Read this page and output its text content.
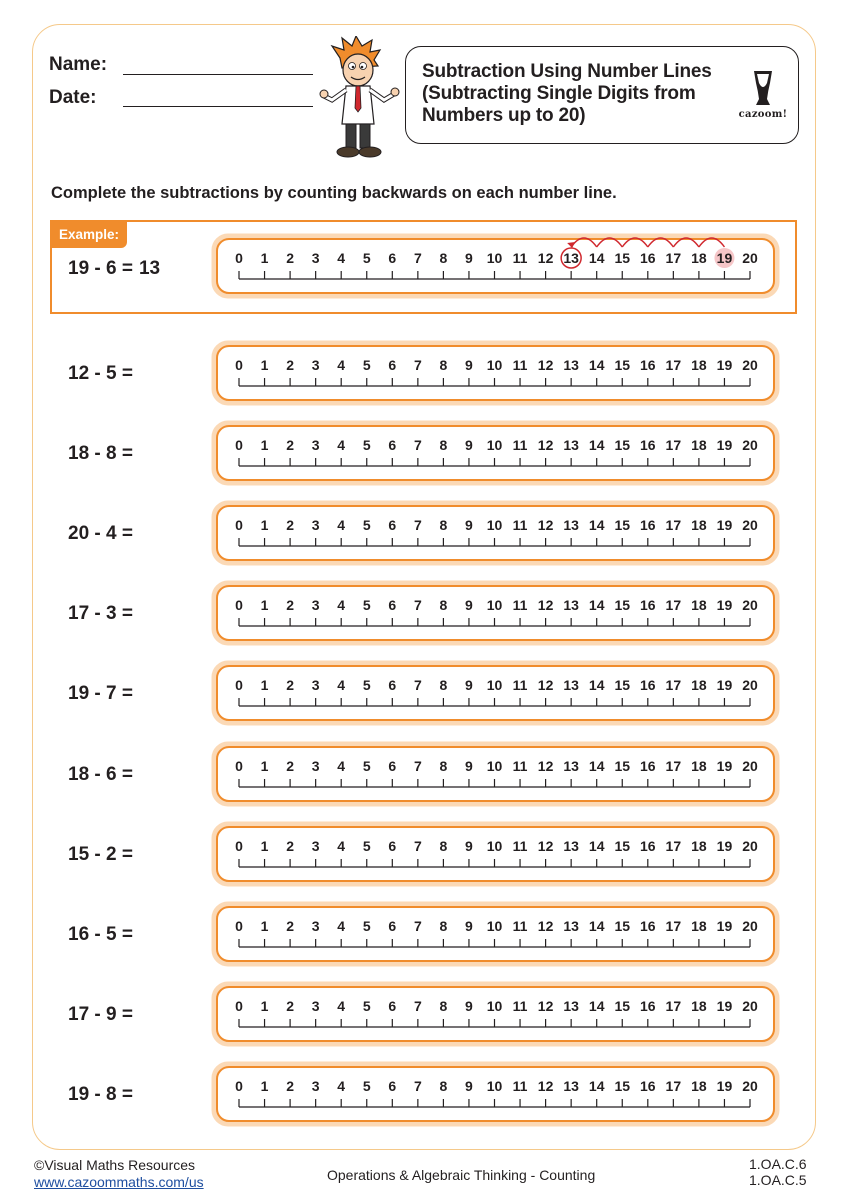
Name:
Date:
Subtraction Using Number Lines (Subtracting Single Digits from Numbers up to 20)	cazoom!
Complete the subtractions by counting backwards on each number line.
Example:
19 - 6 = 13	0 1 2 3 4 5 6 7 8 9 10 11 12 13 14 15 16 17 18 19 20
12 - 5 =	0 1 2 3 4 5 6 7 8 9 10 11 12 13 14 15 16 17 18 19 20
18 - 8 =	0 1 2 3 4 5 6 7 8 9 10 11 12 13 14 15 16 17 18 19 20
20 - 4 =	0 1 2 3 4 5 6 7 8 9 10 11 12 13 14 15 16 17 18 19 20
17 - 3 =	0 1 2 3 4 5 6 7 8 9 10 11 12 13 14 15 16 17 18 19 20
19 - 7 =	0 1 2 3 4 5 6 7 8 9 10 11 12 13 14 15 16 17 18 19 20
18 - 6 =	0 1 2 3 4 5 6 7 8 9 10 11 12 13 14 15 16 17 18 19 20
15 - 2 =	0 1 2 3 4 5 6 7 8 9 10 11 12 13 14 15 16 17 18 19 20
16 - 5 =	0 1 2 3 4 5 6 7 8 9 10 11 12 13 14 15 16 17 18 19 20
17 - 9 =	0 1 2 3 4 5 6 7 8 9 10 11 12 13 14 15 16 17 18 19 20
19 - 8 =	0 1 2 3 4 5 6 7 8 9 10 11 12 13 14 15 16 17 18 19 20
©Visual Maths Resources
www.cazoommaths.com/us	Operations & Algebraic Thinking - Counting
1.OA.C.6
1.OA.C.5
